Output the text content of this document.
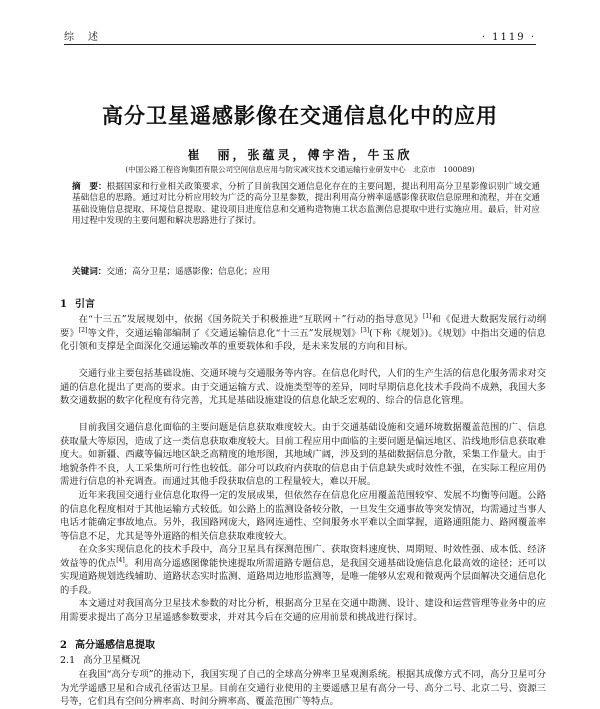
综　述	· 1119 ·
高分卫星遥感影像在交通信息化中的应用
崔　丽，张蕴灵，傅宇浩，牛玉欣
(中国公路工程咨询集团有限公司空间信息应用与防灾减灾技术交通运输行业研发中心　北京市　100089)
摘　要：根据国家和行业相关政策要求，分析了目前我国交通信息化存在的主要问题，提出利用高分卫星影像识别广域交通基础信息的思路。通过对比分析应用较为广泛的高分卫星参数，提出利用高分辨率遥感影像获取信息原理和流程，并在交通基础设施信息提取、环境信息提取、建设项目进度信息和交通构造物施工状态监测信息提取中进行实施应用。最后，针对应用过程中发现的主要问题和解决思路进行了探讨。
关键词：交通；高分卫星；遥感影像；信息化；应用
1 引言
在“十三五”发展规划中，依据《国务院关于积极推进“互联网＋”行动的指导意见》[1]和《促进大数据发展行动纲要》[2]等文件，交通运输部编制了《交通运输信息化“十三五”发展规划》[3](下称《规划》)。《规划》中指出交通的信息化引领和支撑是全面深化交通运输改革的重要载体和手段，是未来发展的方向和目标。
交通行业主要包括基础设施、交通环境与交通服务等内容。在信息化时代，人们的生产生活的信息化服务需求对交通的信息化提出了更高的要求。由于交通运输方式、设施类型等的差异，同时早期信息化技术手段尚不成熟，我国大多数交通数据的数字化程度有待完善，尤其是基础设施建设的信息化缺乏宏观的、综合的信息化管理。
目前我国交通信息化面临的主要问题是信息获取难度较大。由于交通基础设施和交通环境数据覆盖范围的广、信息获取量大等原因，造成了这一类信息获取难度较大。目前工程应用中面临的主要问题是偏远地区、沿线地形信息获取难度大。如新疆、西藏等偏远地区缺乏高精度的地形图，其地域广阔，涉及到的基础数据信息分散，采集工作量大。由于地貌条件不良，人工采集所可行性也较低。部分可以政府内获取的信息由于信息缺失或时效性不强，在实际工程应用仍需进行信息的补充调查。而通过其他手段获取信息的工程量较大，难以开展。
近年来我国交通行业信息化取得一定的发展成果，但依然存在信息化应用覆盖范围较窄、发展不均衡等问题。公路的信息化程度相对于其他运输方式较低。如公路上的监测设备较分散，一旦发生交通事故等突发情况，均需通过当事人电话才能确定事故地点。另外，我国路网庞大，路网连通性、空间服务水平难以全面掌握，道路通阻能力、路网覆盖率等信息不足，尤其是等外道路的相关信息获取难度较大。
在众多实现信息化的技术手段中，高分卫星具有探测范围广、获取资料速度快、周期短、时效性强、成本低、经济效益等的优点[4]。利用高分遥感图像能快速提取所需道路专题信息，是我国交通基础设施信息化最高效的途径；还可以实现道路规划选线辅助、道路状态实时监测、道路周边地形监测等，是唯一能够从宏观和微观两个层面解决交通信息化的手段。
本文通过对我国高分卫星技术参数的对比分析，根据高分卫星在交通中勘测、设计、建设和运营管理等业务中的应用需要求提出了高分卫星遥感参数要求，并对其今后在交通的应用前景和挑战进行探讨。
2 高分遥感信息提取
2.1 高分卫星概况
在我国“高分专项”的推动下，我国实现了自己的全球高分辨率卫星观测系统。根据其成像方式不同，高分卫星可分为光学遥感卫星和合成孔径雷达卫星。目前在交通行业使用的主要遥感卫星有高分一号、高分二号、北京二号、资源三号等，它们具有空间分辨率高、时间分辨率高、覆盖范围广等特点。
